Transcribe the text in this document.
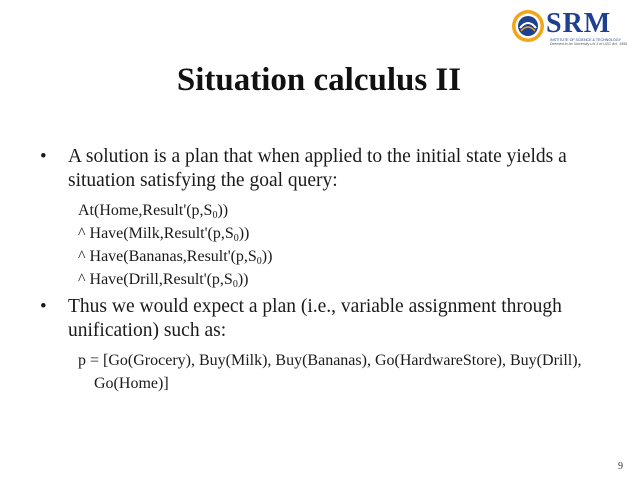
SRM
INSTITUTE OF SCIENCE & TECHNOLOGY
Deemed to be University u/s 3 of UGC Act, 1956
Situation calculus II

• A solution is a plan that when applied to the initial state yields a situation satisfying the goal query:

$At(Home,Result'(p,S_0))$
^ $Have(Milk,Result'(p,S_0))$
^ $Have(Bananas,Result'(p,S_0))$
^ $Have(Drill,Result'(p,S_0))$

• Thus we would expect a plan (i.e., variable assignment through unification) such as:

p = [Go(Grocery), Buy(Milk), Buy(Bananas), Go(HardwareStore), Buy(Drill), Go(Home)]
9
